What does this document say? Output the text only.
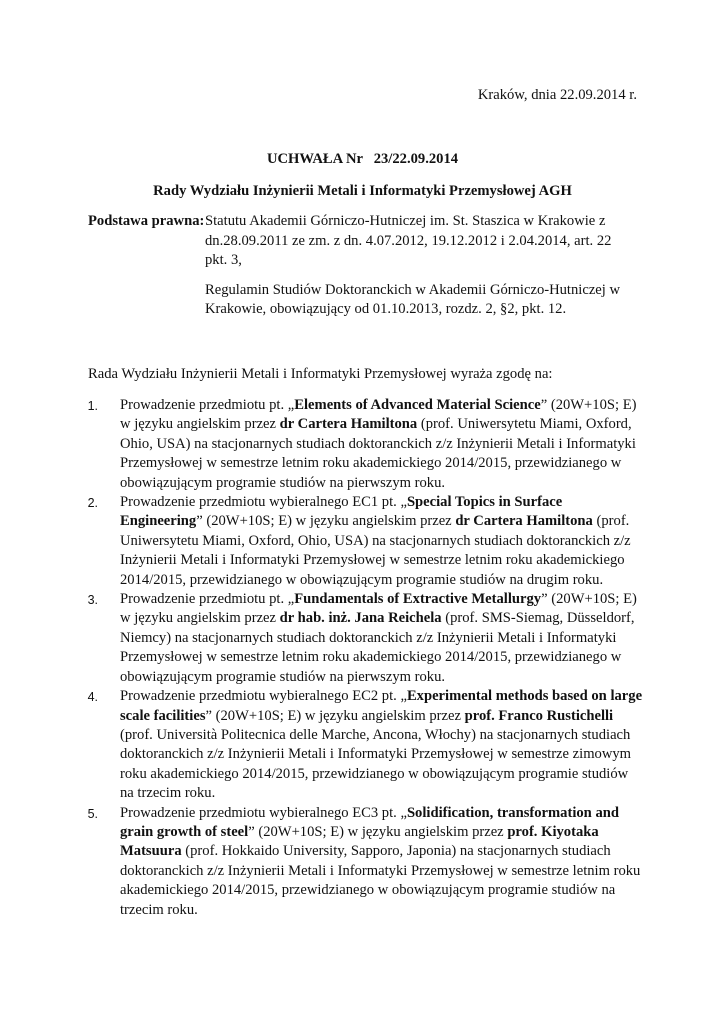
Kraków, dnia 22.09.2014 r.
UCHWAŁA Nr   23/22.09.2014
Rady Wydziału Inżynierii Metali i Informatyki Przemysłowej AGH
Podstawa prawna: Statutu Akademii Górniczo-Hutniczej im. St. Staszica w Krakowie z dn.28.09.2011 ze zm. z dn. 4.07.2012, 19.12.2012 i 2.04.2014, art. 22 pkt. 3,

Regulamin Studiów Doktoranckich w Akademii Górniczo-Hutniczej w Krakowie, obowiązujący od 01.10.2013, rozdz. 2, §2, pkt. 12.

Rada Wydziału Inżynierii Metali i Informatyki Przemysłowej wyraża zgodę na:
1. Prowadzenie przedmiotu pt. „Elements of Advanced Material Science” (20W+10S; E) w języku angielskim przez dr Cartera Hamiltona (prof. Uniwersytetu Miami, Oxford, Ohio, USA) na stacjonarnych studiach doktoranckich z/z Inżynierii Metali i Informatyki Przemysłowej w semestrze letnim roku akademickiego 2014/2015, przewidzianego w obowiązującym programie studiów na pierwszym roku.
2. Prowadzenie przedmiotu wybieralnego EC1 pt. „Special Topics in Surface Engineering” (20W+10S; E) w języku angielskim przez dr Cartera Hamiltona (prof. Uniwersytetu Miami, Oxford, Ohio, USA) na stacjonarnych studiach doktoranckich z/z Inżynierii Metali i Informatyki Przemysłowej w semestrze letnim roku akademickiego 2014/2015, przewidzianego w obowiązującym programie studiów na drugim roku.
3. Prowadzenie przedmiotu pt. „Fundamentals of Extractive Metallurgy” (20W+10S; E) w języku angielskim przez dr hab. inż. Jana Reichela (prof. SMS-Siemag, Düsseldorf, Niemcy) na stacjonarnych studiach doktoranckich z/z Inżynierii Metali i Informatyki Przemysłowej w semestrze letnim roku akademickiego 2014/2015, przewidzianego w obowiązującym programie studiów na pierwszym roku.
4. Prowadzenie przedmiotu wybieralnego EC2 pt. „Experimental methods based on large scale facilities” (20W+10S; E) w języku angielskim przez prof. Franco Rustichelli (prof. Università Politecnica delle Marche, Ancona, Włochy) na stacjonarnych studiach doktoranckich z/z Inżynierii Metali i Informatyki Przemysłowej w semestrze zimowym roku akademickiego 2014/2015, przewidzianego w obowiązującym programie studiów na trzecim roku.
5. Prowadzenie przedmiotu wybieralnego EC3 pt. „Solidification, transformation and grain growth of steel” (20W+10S; E) w języku angielskim przez prof. Kiyotaka Matsuura (prof. Hokkaido University, Sapporo, Japonia) na stacjonarnych studiach doktoranckich z/z Inżynierii Metali i Informatyki Przemysłowej w semestrze letnim roku akademickiego 2014/2015, przewidzianego w obowiązującym programie studiów na trzecim roku.
